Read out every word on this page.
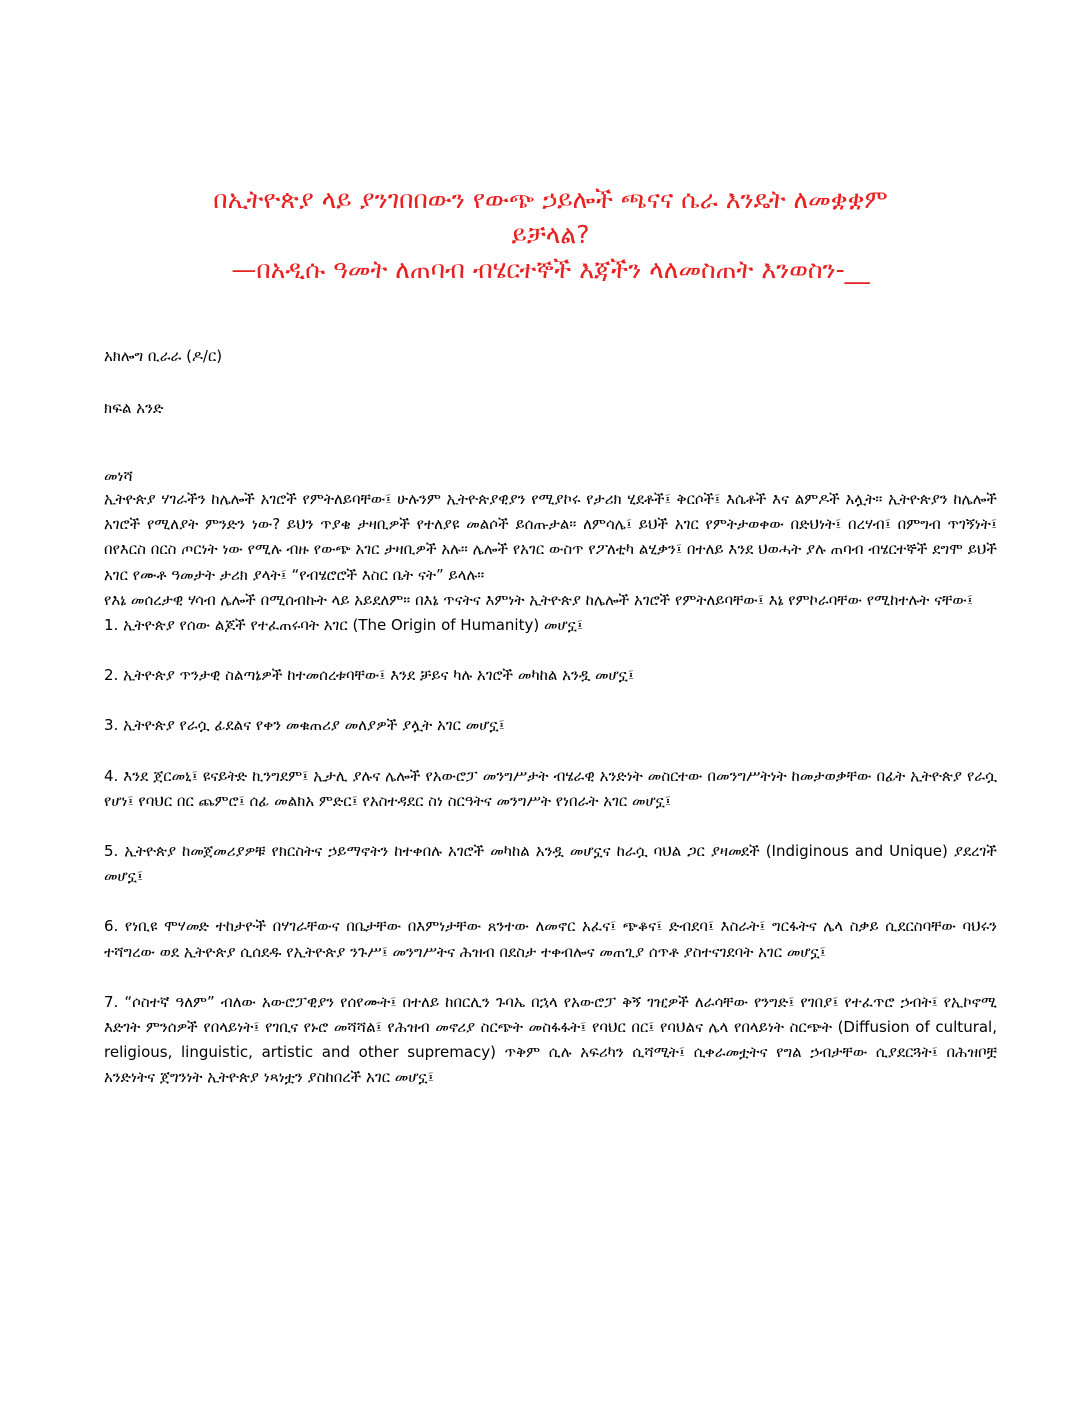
በኢትዮጵያ ላይ ያንገበበውን የውጭ ኃይሎች ጫናና ሴራ እንዴት ለመቋቋም
ይቻላል?
—በአዲሱ ዓመት ለጠባብ ብሄርተኞች እጃችን ላለመስጠት እንወስን-__

አክሎግ ቢራራ (ዶ/ር)

ክፍል አንድ

መነሻ

ኢትዮጵያ ሃገራችን ከሌሎች አገሮች የምትለይባቸው፤ ሁሉንም ኢትዮጵያዊያን የሚያኮሩ የታሪክ ሂደቶች፤ ቅርሶች፤ እሴቶች እና ልምዶች አሏት። ኢትዮጵያን ከሌሎች አገሮች የሚለያት ምንድን ነው? ይህን ጥያቄ ታዛቢዎች የተለያዩ መልሶች ይሰጡታል። ለምሳሌ፤ ይህች አገር የምትታወቀው በድህነት፤ በረሃብ፤ በምግብ ጥገኝነት፤ በየእርስ በርስ ጦርነት ነው የሚሉ ብዙ የውጭ አገር ታዛቢዎች አሉ። ሌሎች የአገር ውስጥ የፖለቲካ ልሂቃን፤ በተለይ እንደ ህወሓት ያሉ ጠባብ ብሄርተኞች ደግሞ ይህች አገር የሙቶ ዓመታት ታሪክ ያላት፤ “የብሄሮሮች እስር ቤት ናት” ይላሉ።

የእኔ መሰረታዊ ሃሳብ ሌሎች በሚሰብኩት ላይ አይደለም። በእኔ ጥናትና እምነት ኢትዮጵያ ከሌሎች አገሮች የምትለይባቸው፤ እኔ የምኮራባቸው የሚከተሉት ናቸው፤

1. ኢትዮጵያ የሰው ልጆች የተፈጠሩባት አገር (The Origin of Humanity) መሆኗ፤

2. ኢትዮጵያ ጥንታዊ ስልጣኔዎች ከተመሰረቱባቸው፤ እንደ ቻይና ካሉ አገሮች መካከል አንዷ መሆኗ፤

3. ኢትዮጵያ የራሷ ፊደልና የቀን መቁጠሪያ መለያዎች ያሏት አገር መሆኗ፤

4. እንደ ጀርመኒ፤ ዩናይትድ ኪንግደም፤ ኢታሊ ያሉና ሌሎች የአውሮፓ መንግሥታት ብሄራዊ አንድነት መስርተው በመንግሥትነት ከመታወቃቸው በፊት ኢትዮጵያ የራሷ የሆነ፤ የባህር በር ጨምሮ፤ ሰፊ መልክአ ምድር፤ የአስተዳደር ስነ ስርዓትና መንግሥት የነበራት አገር መሆኗ፤

5. ኢትዮጵያ ከመጀመሪያዎቹ የክርስትና ኃይማኖትን ከተቀበሉ አገሮች መካከል አንዷ መሆኗና ከራሷ ባህል ጋር ያዛመደች (Indiginous and Unique) ያደረገች መሆኗ፤

6. የነቢዩ ሞሃመድ ተከታዮች በሃገራቸውና በቤታቸው በእምነታቸው ጸንተው ለመኖር አፈና፤ ጭቆና፤ ድብደባ፤ እስራት፤ ግርፋትና ሌላ ስቃይ ሲደርስባቸው ባህሩን ተሻግረው ወደ ኢትዮጵያ ሲሰደዱ የኢትዮጵያ ንጉሥ፤ መንግሥትና ሕዝብ በደስታ ተቀብሎና መጠጊያ ሰጥቶ ያስተናገደባት አገር መሆኗ፤

7. “ሶስተኛ ዓለም” ብለው አውሮፓዊያን የሰየሙት፤ በተለይ ከበርሊን ጉባኤ በኋላ የአውሮፓ ቅኝ ገዢዎች ለራሳቸው የንግድ፤ የገበያ፤ የተፈጥሮ ኃብት፤ የኢኮኖሚ እድገት ምንሰዎች የበላይነት፤ የገቢና የኑሮ መሻሻል፤ የሕዝብ መኖሪያ ስርጭት መስፋፋት፤ የባህር በር፤ የባህልና ሌላ የበላይነት ስርጭት (Diffusion of cultural, religious, linguistic, artistic and other supremacy) ጥቅም ሲሉ አፍሪካን ሲሻሚት፤ ሲቀራመቷትና የግል ኃብታቸው ሲያደርጓት፤ በሕዝቦቿ አንድነትና ጀግንነት ኢትዮጵያ ነጻነቷን ያስከበረች አገር መሆኗ፤
